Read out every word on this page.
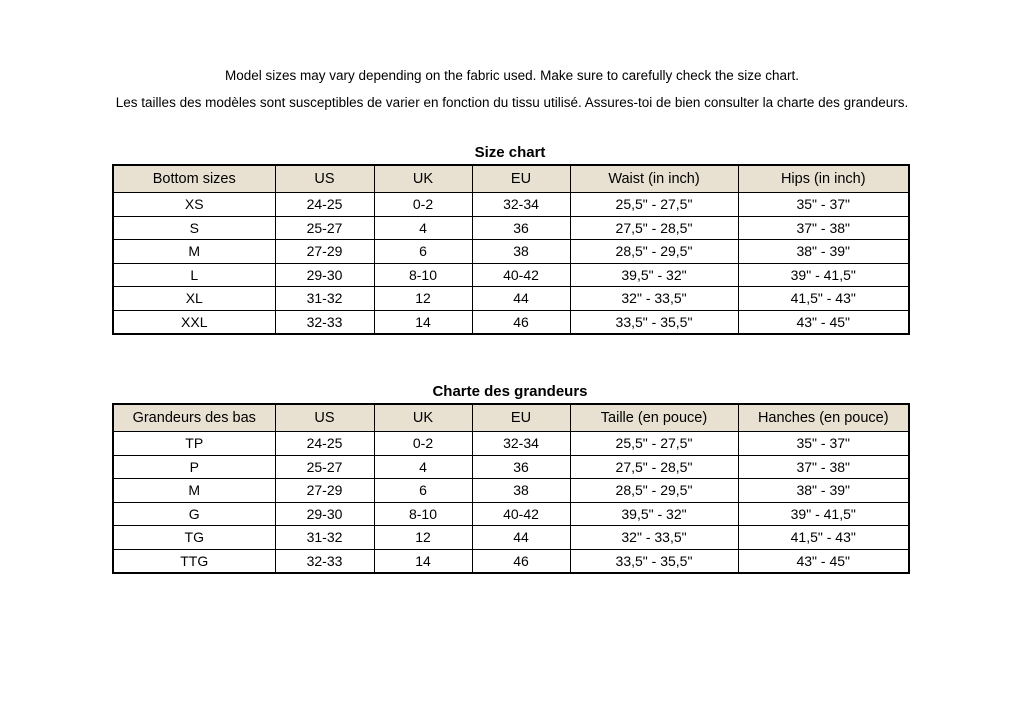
Model sizes may vary depending on the fabric used. Make sure to carefully check the size chart.

Les tailles des modèles sont susceptibles de varier en fonction du tissu utilisé. Assures-toi de bien consulter la charte des grandeurs.

Size chart
Bottom sizes	US	UK	EU	Waist (in inch)	Hips (in inch)
XS	24-25	0-2	32-34	25,5" - 27,5"	35" - 37"
S	25-27	4	36	27,5" - 28,5"	37" - 38"
M	27-29	6	38	28,5" - 29,5"	38" - 39"
L	29-30	8-10	40-42	39,5" - 32"	39" - 41,5"
XL	31-32	12	44	32" - 33,5"	41,5" - 43"
XXL	32-33	14	46	33,5" - 35,5"	43" - 45"
Charte des grandeurs
Grandeurs des bas	US	UK	EU	Taille (en pouce)	Hanches (en pouce)
TP	24-25	0-2	32-34	25,5" - 27,5"	35" - 37"
P	25-27	4	36	27,5" - 28,5"	37" - 38"
M	27-29	6	38	28,5" - 29,5"	38" - 39"
G	29-30	8-10	40-42	39,5" - 32"	39" - 41,5"
TG	31-32	12	44	32" - 33,5"	41,5" - 43"
TTG	32-33	14	46	33,5" - 35,5"	43" - 45"
